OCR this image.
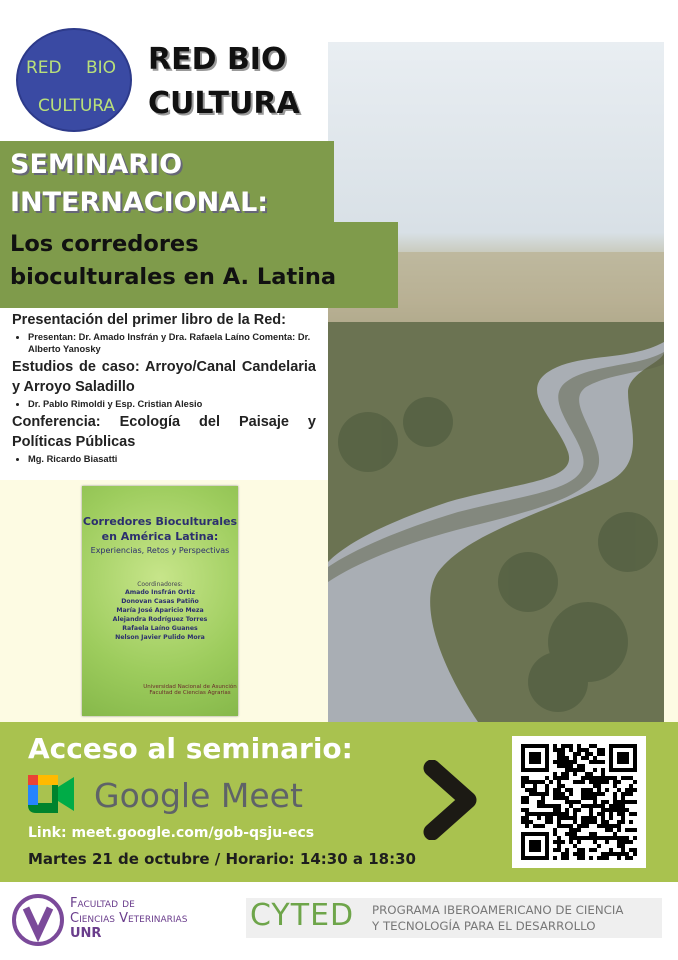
RED BIO
CULTURA
RED BIO
CULTURA
SEMINARIO
INTERNACIONAL:
Los corredores
bioculturales en A. Latina
Presentación del primer libro de la Red:
• Presentan: Dr. Amado Insfrán y Dra. Rafaela Laíno Comenta: Dr. Alberto Yanosky
Estudios de caso: Arroyo/Canal Candelaria y Arroyo Saladillo
• Dr. Pablo Rimoldi y Esp. Cristian Alesio
Conferencia: Ecología del Paisaje y Políticas Públicas
• Mg. Ricardo Biasatti
Corredores Bioculturales en América Latina:
Experiencias, Retos y Perspectivas
Coordinadores:
Amado Insfrán Ortiz
Donovan Casas Patiño
María José Aparicio Meza
Alejandra Rodríguez Torres
Rafaela Laíno Guanes
Nelson Javier Pulido Mora
Universidad Nacional de Asunción Facultad de Ciencias Agrarias
Acceso al seminario:
Google Meet
Link: meet.google.com/gob-qsju-ecs
Martes 21 de octubre / Horario: 14:30 a 18:30
Facultad de
Ciencias Veterinarias
UNR
CYTED PROGRAMA IBEROAMERICANO DE CIENCIA
Y TECNOLOGÍA PARA EL DESARROLLO
